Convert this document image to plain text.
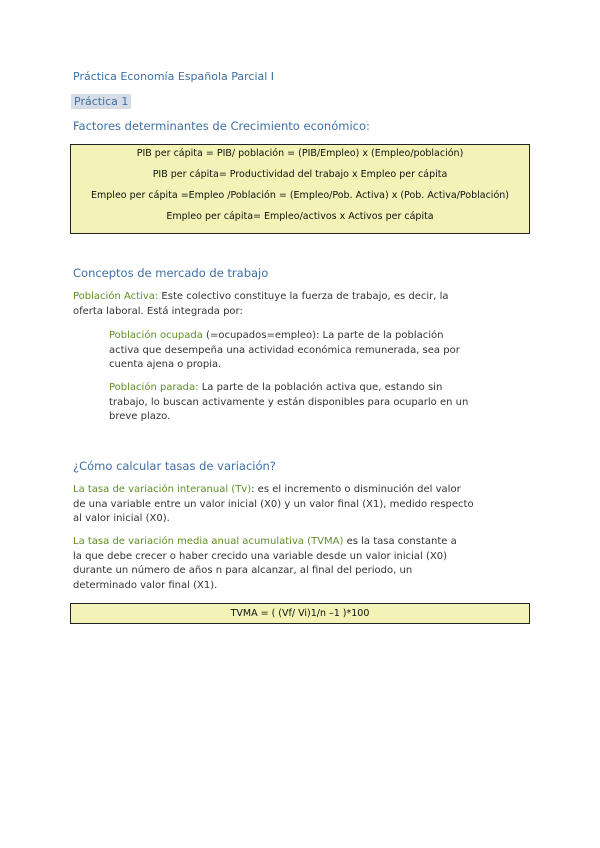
Práctica Economía Española Parcial I
Práctica 1
Factores determinantes de Crecimiento económico:

PIB per cápita = PIB/ población = (PIB/Empleo) x (Empleo/población)

PIB per cápita= Productividad del trabajo x Empleo per cápita

Empleo per cápita =Empleo /Población = (Empleo/Pob. Activa) x (Pob. Activa/Población)

Empleo per cápita= Empleo/activos x Activos per cápita

Conceptos de mercado de trabajo

Población Activa: Este colectivo constituye la fuerza de trabajo, es decir, la

oferta laboral. Está integrada por:

Población ocupada (=ocupados=empleo): La parte de la población

activa que desempeña una actividad económica remunerada, sea por

cuenta ajena o propia.

Población parada: La parte de la población activa que, estando sin

trabajo, lo buscan activamente y están disponibles para ocuparlo en un

breve plazo.

¿Cómo calcular tasas de variación?

La tasa de variación interanual (Tv): es el incremento o disminución del valor

de una variable entre un valor inicial (X0) y un valor final (X1), medido respecto

al valor inicial (X0).

La tasa de variación media anual acumulativa (TVMA) es la tasa constante a

la que debe crecer o haber crecido una variable desde un valor inicial (X0)

durante un número de años n para alcanzar, al final del periodo, un

determinado valor final (X1).

TVMA = ( (Vf/ Vi)1/n –1 )*100
